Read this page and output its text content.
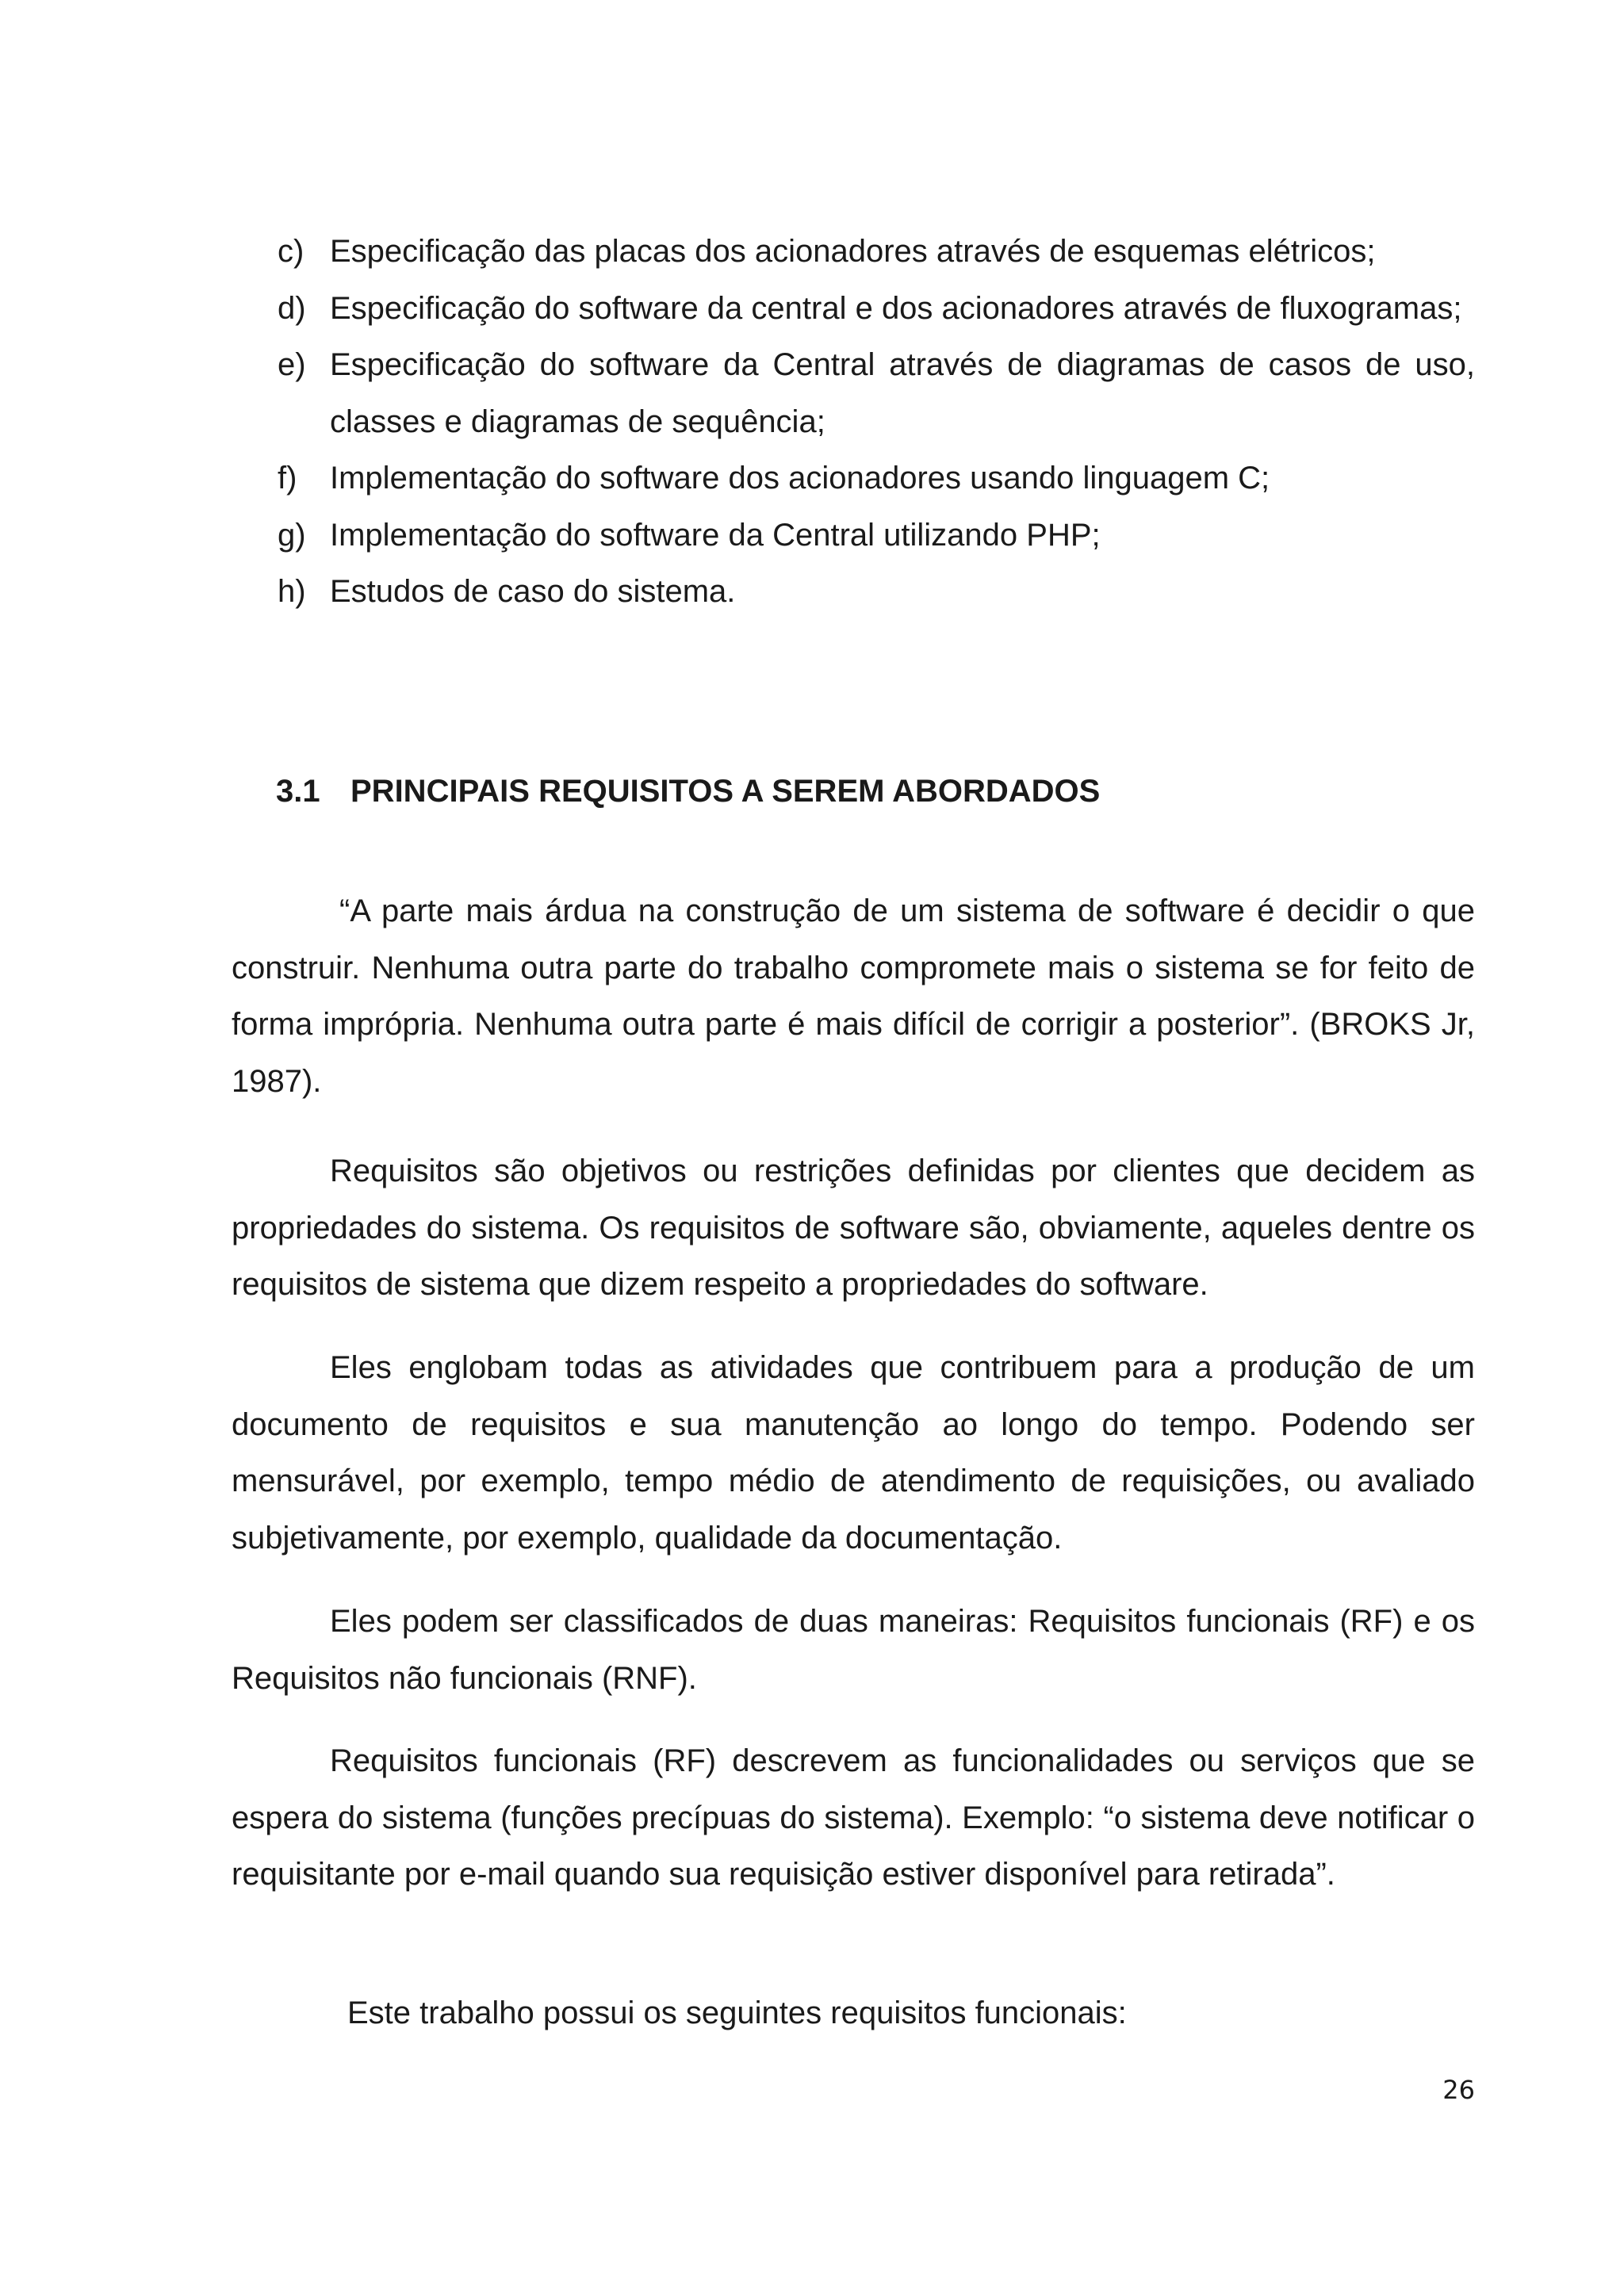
c) Especificação das placas dos acionadores através de esquemas elétricos;
d) Especificação do software da central e dos acionadores através de fluxogramas;
e) Especificação do software da Central através de diagramas de casos de uso, classes e diagramas de sequência;
f)	Implementação do software dos acionadores usando linguagem C;
g) Implementação do software da Central utilizando PHP;
h) Estudos de caso do sistema.
3.1 PRINCIPAIS REQUISITOS A SEREM ABORDADOS

“A parte mais árdua na construção de um sistema de software é decidir o que construir. Nenhuma outra parte do trabalho compromete mais o sistema se for feito de forma imprópria. Nenhuma outra parte é mais difícil de corrigir a posterior”. (BROKS Jr, 1987).

Requisitos são objetivos ou restrições definidas por clientes que decidem as propriedades do sistema. Os requisitos de software são, obviamente, aqueles dentre os requisitos de sistema que dizem respeito a propriedades do software.

Eles englobam todas as atividades que contribuem para a produção de um documento de requisitos e sua manutenção ao longo do tempo. Podendo ser mensurável, por exemplo, tempo médio de atendimento de requisições, ou avaliado subjetivamente, por exemplo, qualidade da documentação.

Eles podem ser classificados de duas maneiras: Requisitos funcionais (RF) e os Requisitos não funcionais (RNF).

Requisitos funcionais (RF) descrevem as funcionalidades ou serviços que se espera do sistema (funções precípuas do sistema). Exemplo: “o sistema deve notificar o requisitante por e-mail quando sua requisição estiver disponível para retirada”.

Este trabalho possui os seguintes requisitos funcionais:

26
